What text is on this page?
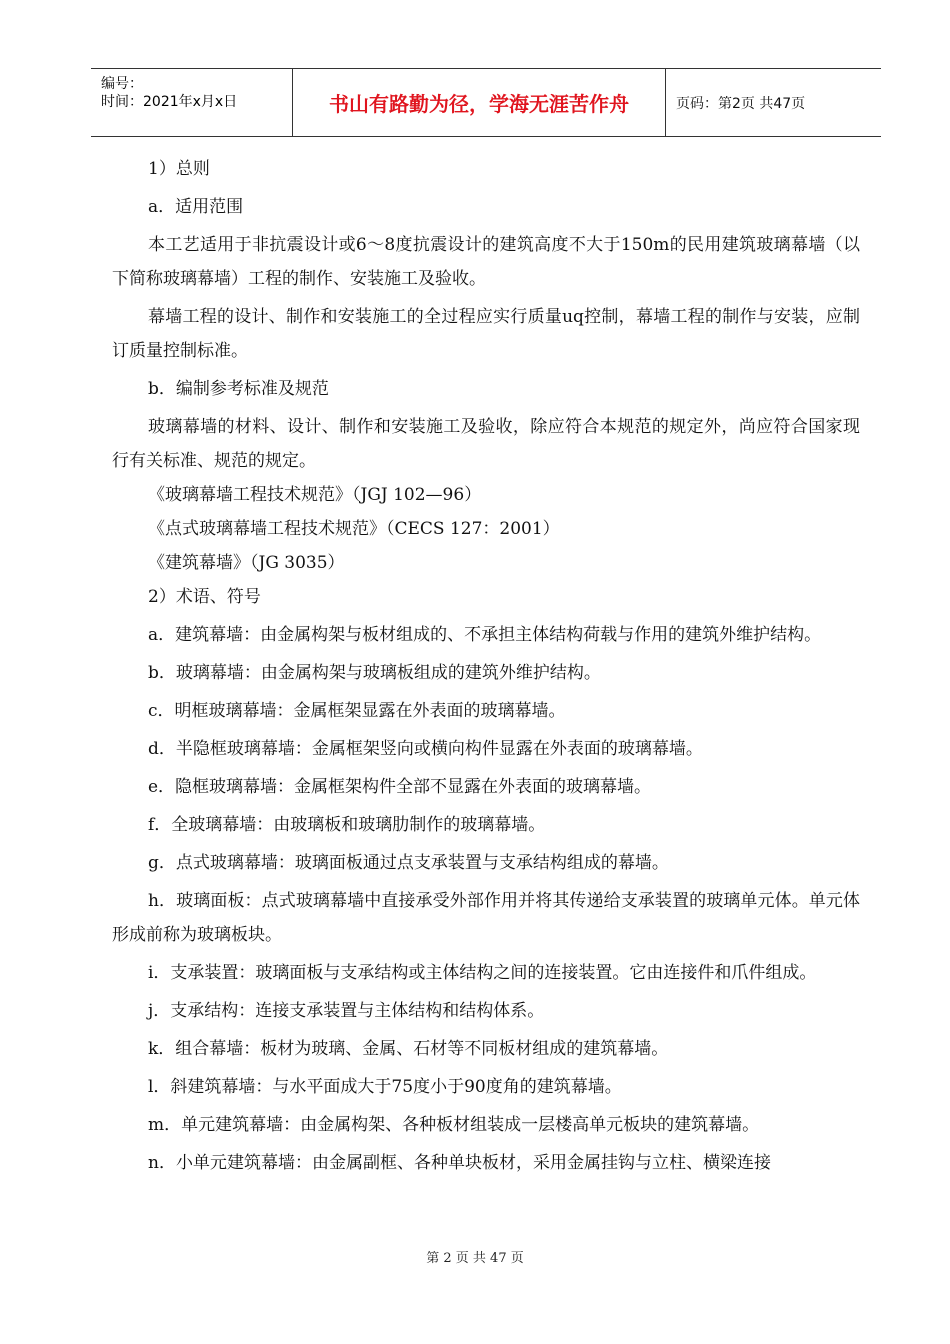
编号：
时间：2021年x月x日	书山有路勤为径，学海无涯苦作舟	页码：第2页 共47页

1）总则

a．适用范围

本工艺适用于非抗震设计或6～8度抗震设计的建筑高度不大于150m的民用建筑玻璃幕墙（以下简称玻璃幕墙）工程的制作、安装施工及验收。

幕墙工程的设计、制作和安装施工的全过程应实行质量uq控制，幕墙工程的制作与安装，应制订质量控制标准。

b．编制参考标准及规范

玻璃幕墙的材料、设计、制作和安装施工及验收，除应符合本规范的规定外，尚应符合国家现行有关标准、规范的规定。

《玻璃幕墙工程技术规范》（JGJ 102—96）

《点式玻璃幕墙工程技术规范》（CECS 127：2001）

《建筑幕墙》（JG 3035）

2）术语、符号

a．建筑幕墙：由金属构架与板材组成的、不承担主体结构荷载与作用的建筑外维护结构。

b．玻璃幕墙：由金属构架与玻璃板组成的建筑外维护结构。

c．明框玻璃幕墙：金属框架显露在外表面的玻璃幕墙。

d．半隐框玻璃幕墙：金属框架竖向或横向构件显露在外表面的玻璃幕墙。

e．隐框玻璃幕墙：金属框架构件全部不显露在外表面的玻璃幕墙。

f．全玻璃幕墙：由玻璃板和玻璃肋制作的玻璃幕墙。

g．点式玻璃幕墙：玻璃面板通过点支承装置与支承结构组成的幕墙。

h．玻璃面板：点式玻璃幕墙中直接承受外部作用并将其传递给支承装置的玻璃单元体。单元体形成前称为玻璃板块。

i．支承装置：玻璃面板与支承结构或主体结构之间的连接装置。它由连接件和爪件组成。

j．支承结构：连接支承装置与主体结构和结构体系。

k．组合幕墙：板材为玻璃、金属、石材等不同板材组成的建筑幕墙。

l．斜建筑幕墙：与水平面成大于75度小于90度角的建筑幕墙。

m．单元建筑幕墙：由金属构架、各种板材组装成一层楼高单元板块的建筑幕墙。

n．小单元建筑幕墙：由金属副框、各种单块板材，采用金属挂钩与立柱、横梁连接

第 2 页 共 47 页
